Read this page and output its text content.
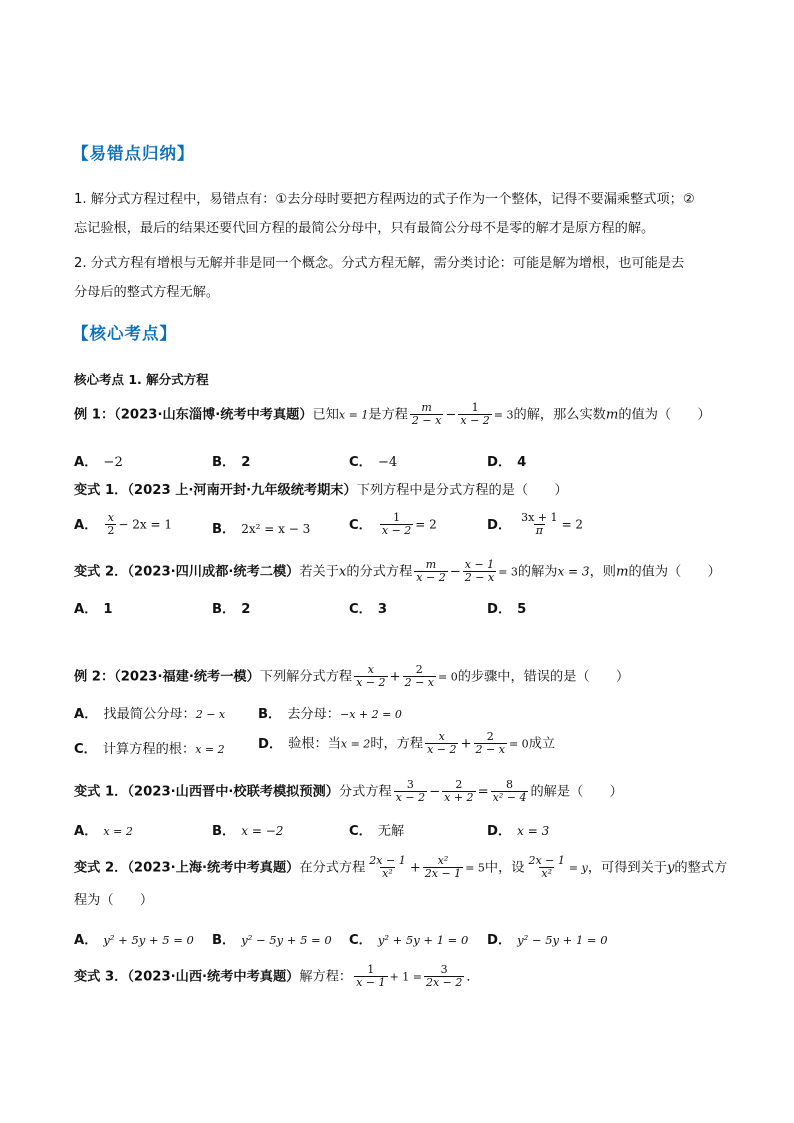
【易错点归纳】
1. 解分式方程过程中，易错点有：①去分母时要把方程两边的式子作为一个整体，记得不要漏乘整式项；②
忘记验根，最后的结果还要代回方程的最简公分母中，只有最简公分母不是零的解才是原方程的解。
2. 分式方程有增根与无解并非是同一个概念。分式方程无解，需分类讨论：可能是解为增根，也可能是去
分母后的整式方程无解。
【核心考点】
核心考点 1. 解分式方程
例 1：（2023·山东淄博·统考中考真题）已知x = 1是方程 $\frac{m}{2 - x} - \frac{1}{x - 2} = 3$的解，那么实数m的值为（　　）
A． −2	B． 2	C． −4	D． 4
变式 1．（2023 上·河南开封·九年级统考期末）下列方程中是分式方程的是（　　）
A． $\frac{x}{2} - 2x = 1$	B． 2x² = x − 3	C． $\frac{1}{x - 2} = 2$	D． $\frac{3x + 1}{\pi} = 2$
变式 2．（2023·四川成都·统考二模）若关于x的分式方程 $\frac{m}{x - 2} - \frac{x - 1}{2 - x} = 3$的解为x = 3，则m的值为（　　）
A． 1	B． 2	C． 3	D． 5
例 2：（2023·福建·统考一模）下列解分式方程 $\frac{x}{x - 2} + \frac{2}{2 - x} = 0$的步骤中，错误的是（　　）
A． 找最简公分母：2 − x B． 去分母：−x + 2 = 0
C． 计算方程的根：x = 2	D． 验根：当x = 2时，方程 $\frac{x}{x - 2} + \frac{2}{2 - x} = 0$成立
变式 1．（2023·山西晋中·校联考模拟预测）分式方程 $\frac{3}{x - 2} - \frac{2}{x + 2} = \frac{8}{\text{x² − 4}}$ 的解是（　　）
A． x = 2	B． x = −2	C． 无解	D． x = 3
变式 2．（2023·上海·统考中考真题）在分式方程 $\frac{2x - 1}{\text{x²}} + \frac{\text{x²}}{2x - 1} = 5$中，设 $\frac{2x - 1}{\text{x²}} = y$，可得到关于y的整式方
程为（　　）
A． y² + 5y + 5 = 0 B． y² − 5y + 5 = 0 C． y² + 5y + 1 = 0 D． y² − 5y + 1 = 0
变式 3．（2023·山西·统考中考真题）解方程： $\frac{1}{x - 1} + 1 = \frac{3}{2x - 2}$ ．
